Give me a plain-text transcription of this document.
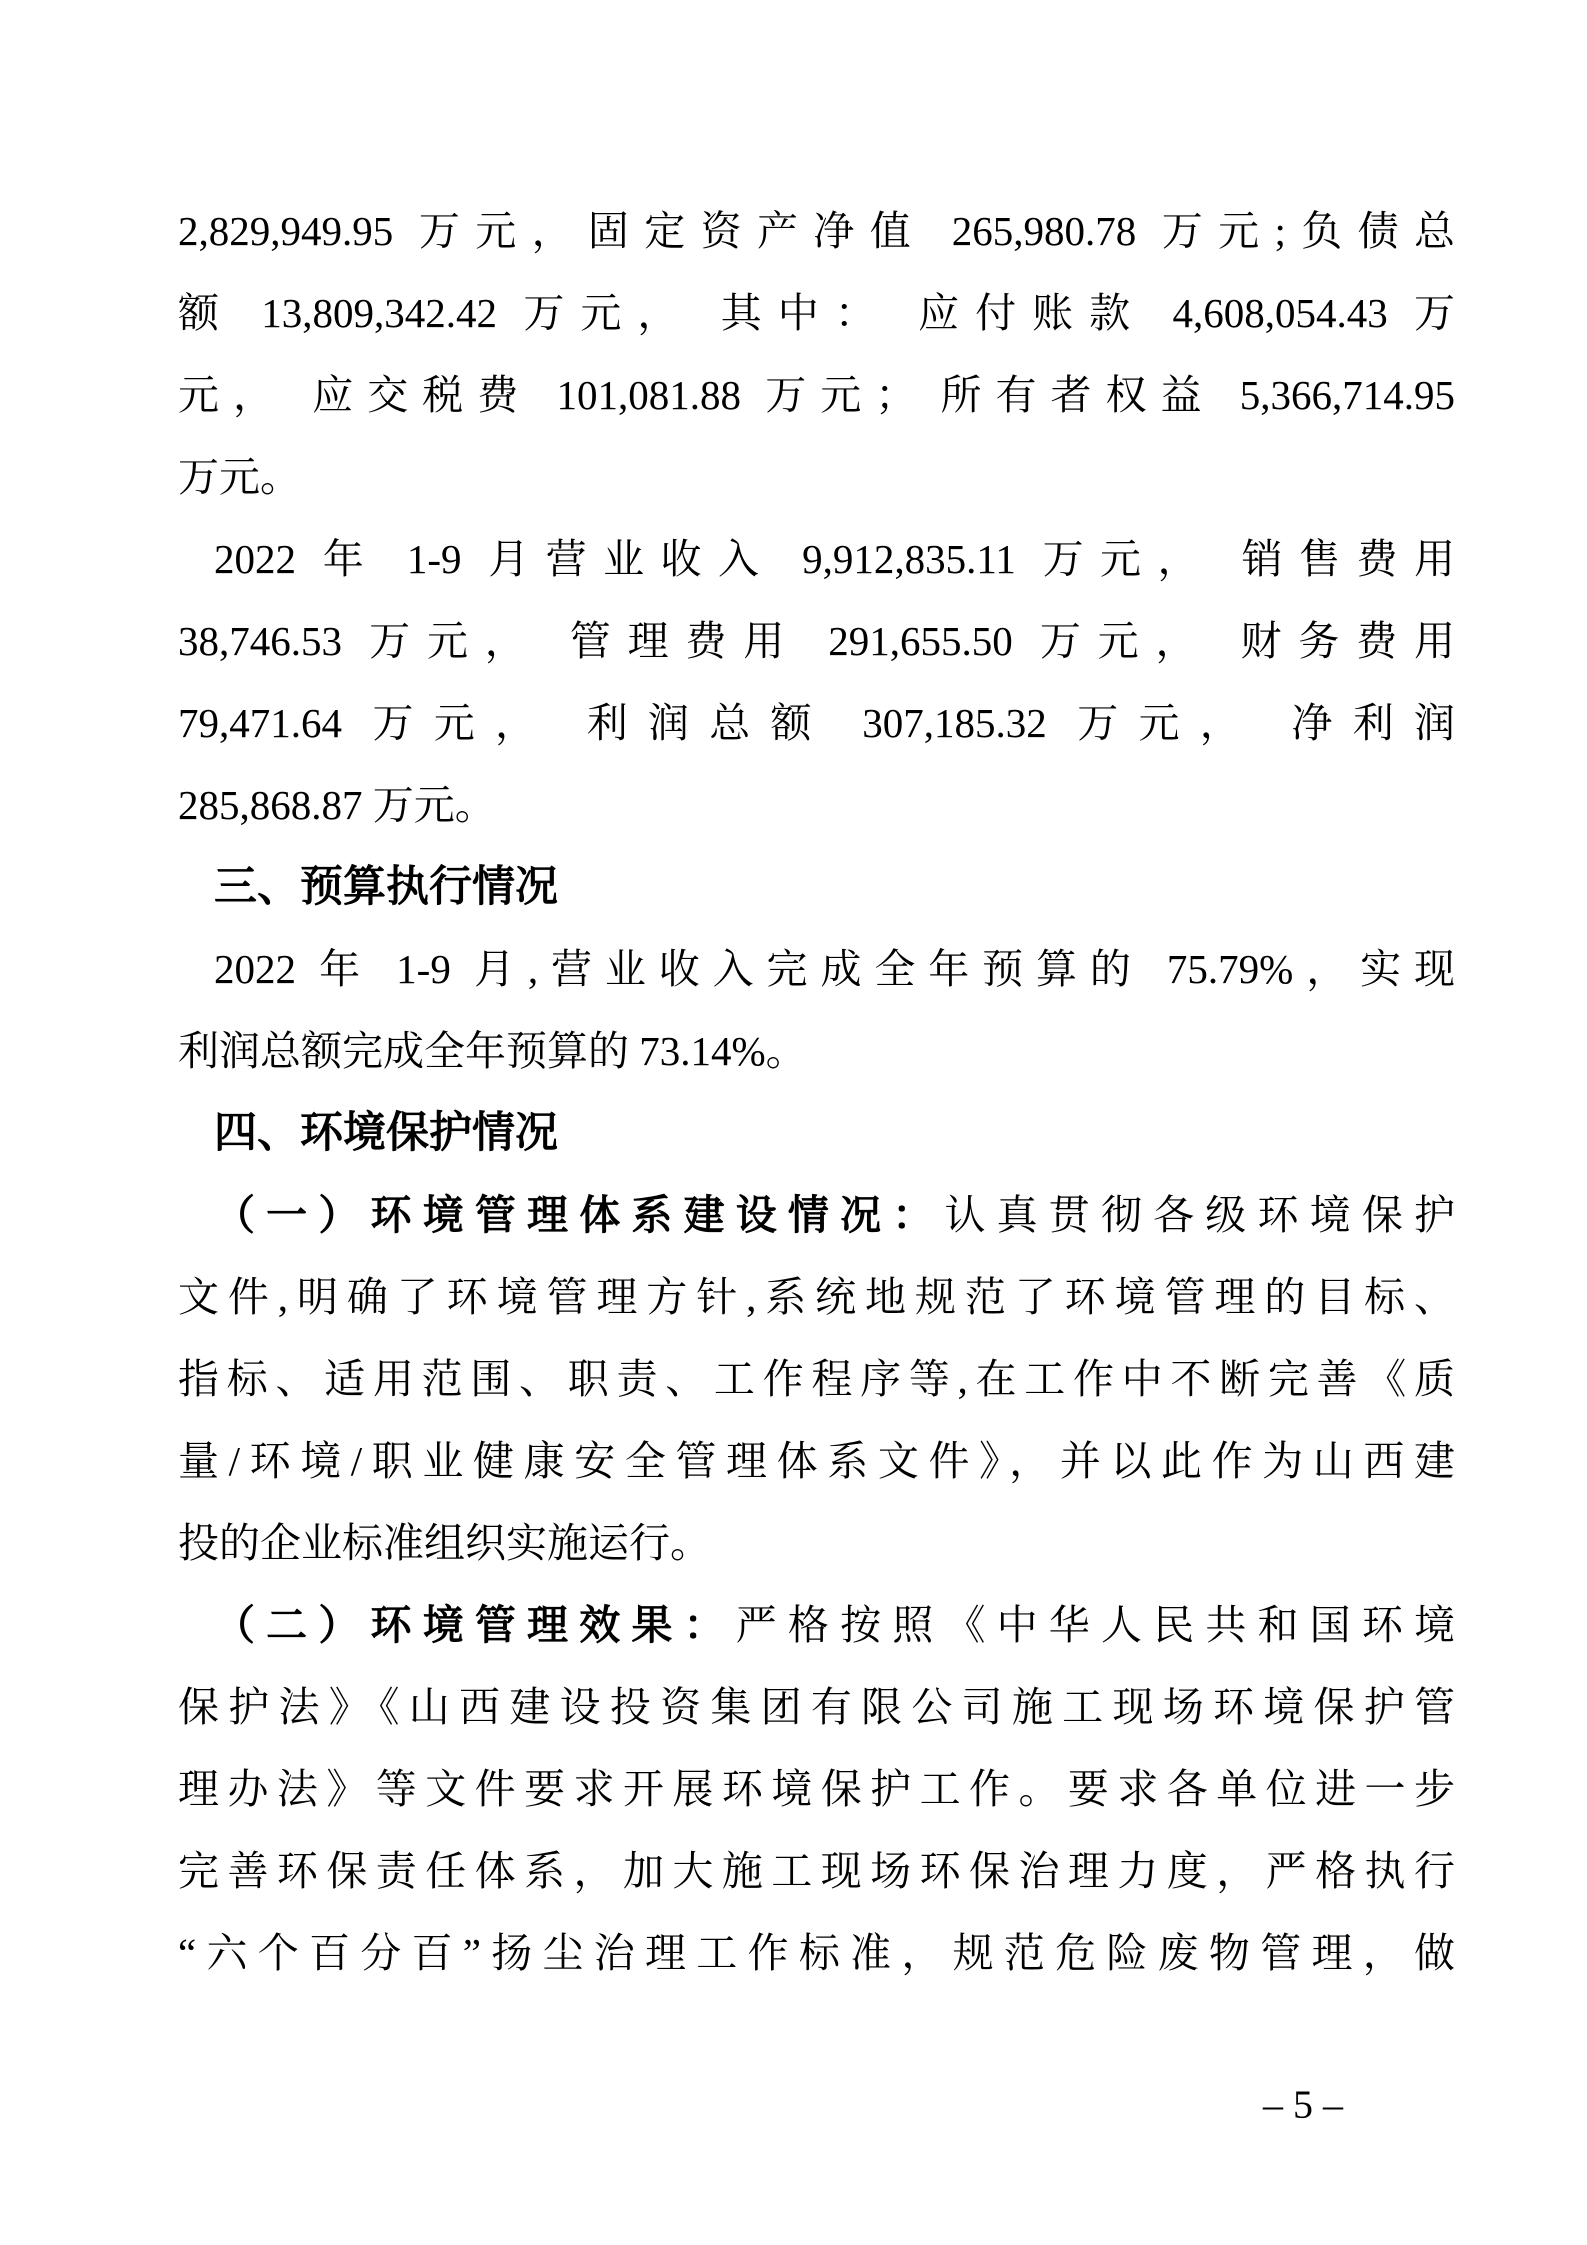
2,829,949.95 万元，固定资产净值 265,980.78 万元;负债总
额 13,809,342.42 万元， 其中： 应付账款 4,608,054.43 万
元， 应交税费 101,081.88 万元； 所有者权益 5,366,714.95
万元。
2022 年 1-9 月营业收入 9,912,835.11 万元， 销售费用
38,746.53 万元， 管理费用 291,655.50 万元， 财务费用
79,471.64 万元， 利润总额 307,185.32 万元， 净利润
285,868.87 万元。
三、预算执行情况
2022 年 1-9 月,营业收入完成全年预算的 75.79%，实现
利润总额完成全年预算的 73.14%。
四、环境保护情况
（一）环境管理体系建设情况：认真贯彻各级环境保护
文件,明确了环境管理方针,系统地规范了环境管理的目标、
指标、适用范围、职责、工作程序等,在工作中不断完善《质
量/环境/职业健康安全管理体系文件》，并以此作为山西建
投的企业标准组织实施运行。
（二）环境管理效果：严格按照《中华人民共和国环境
保护法》《山西建设投资集团有限公司施工现场环境保护管
理办法》等文件要求开展环境保护工作。要求各单位进一步
完善环保责任体系，加大施工现场环保治理力度，严格执行
“六个百分百”扬尘治理工作标准，规范危险废物管理，做
– 5 –
